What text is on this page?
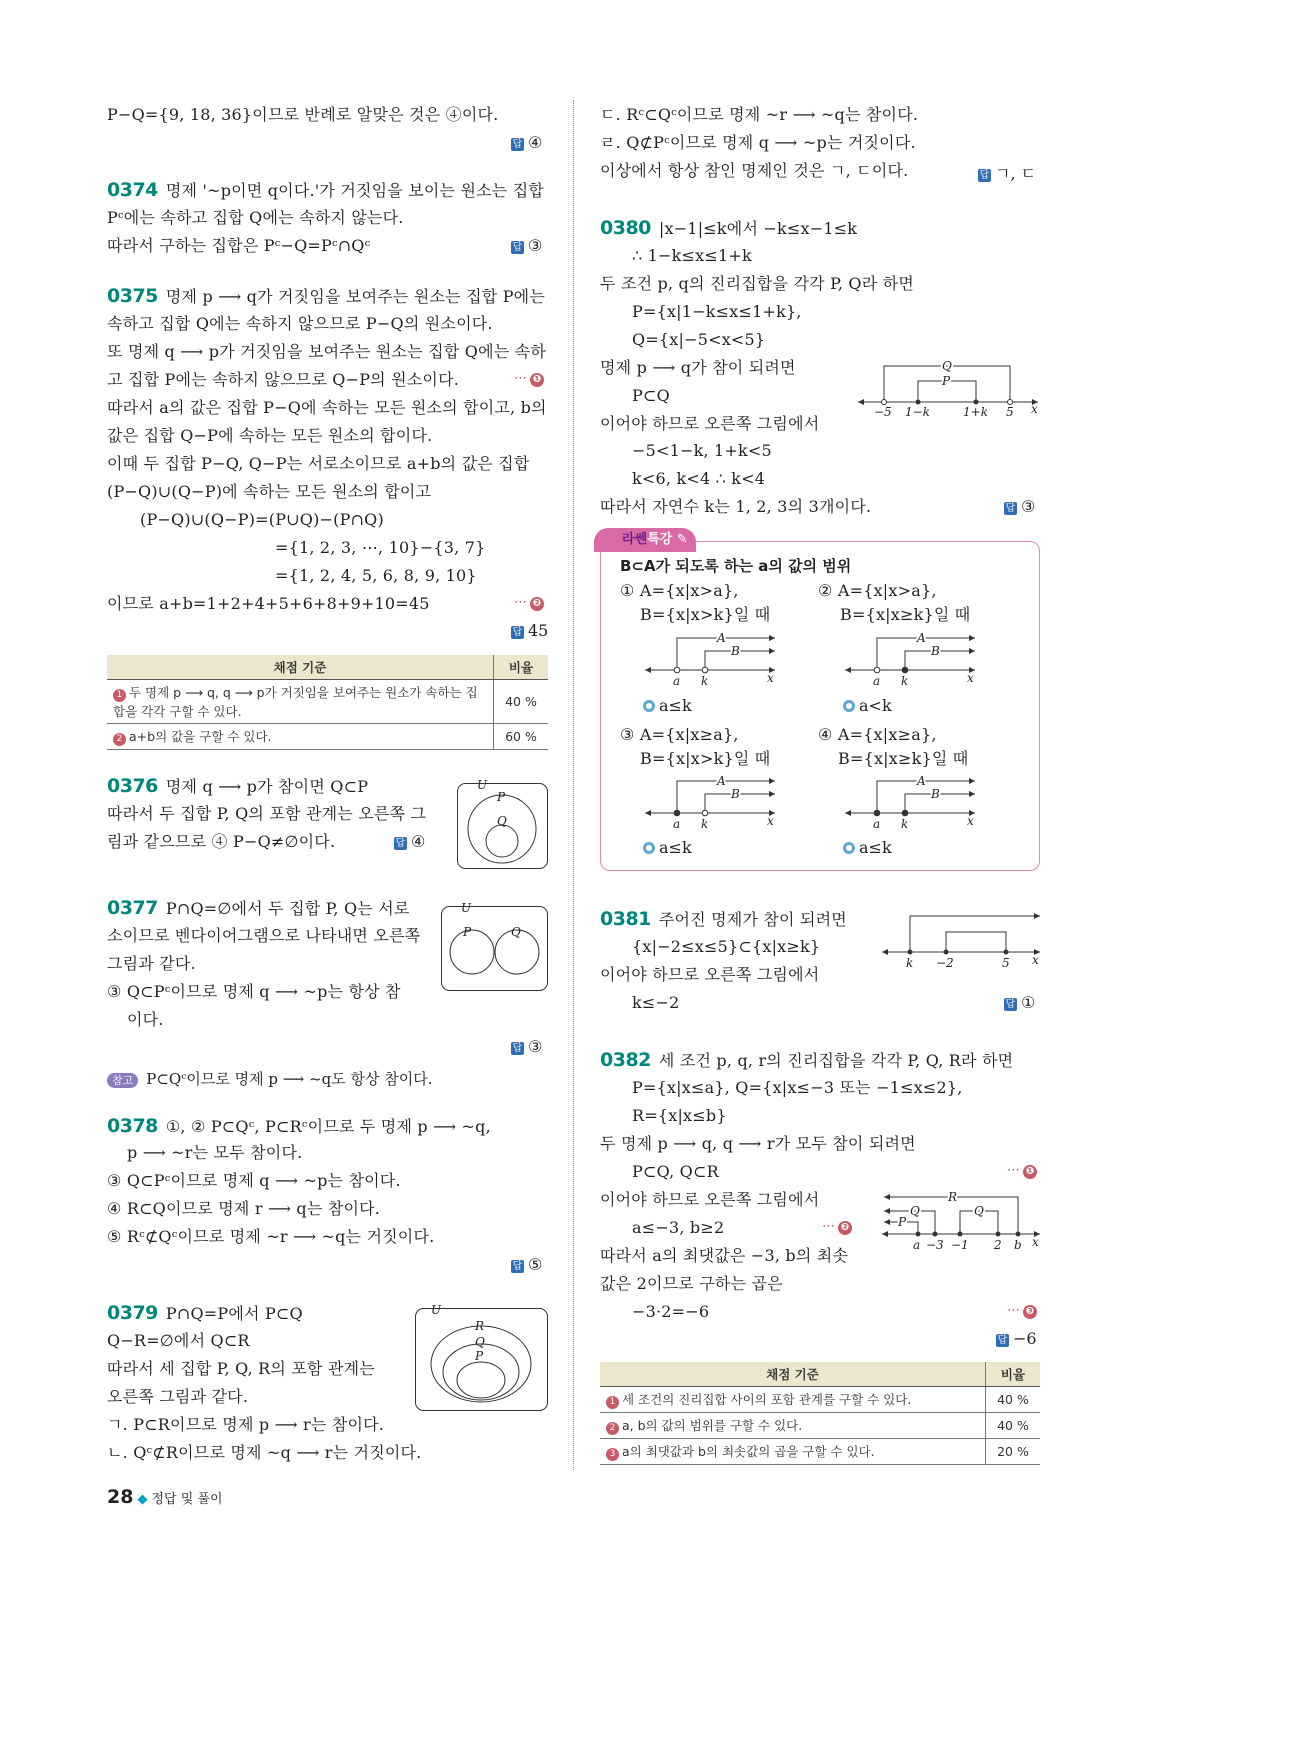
P−Q={9, 18, 36}이므로 반례로 알맞은 것은 ④이다.
답 ④
0374 명제 '~p이면 q이다.'가 거짓임을 보이는 원소는 집합
Pᶜ에는 속하고 집합 Q에는 속하지 않는다.
따라서 구하는 집합은 Pᶜ−Q=Pᶜ∩Qᶜ	답 ③
0375 명제 p ⟶ q가 거짓임을 보여주는 원소는 집합 P에는
속하고 집합 Q에는 속하지 않으므로 P−Q의 원소이다.
또 명제 q ⟶ p가 거짓임을 보여주는 원소는 집합 Q에는 속하
고 집합 P에는 속하지 않으므로 Q−P의 원소이다.	⋯ ❶
따라서 a의 값은 집합 P−Q에 속하는 모든 원소의 합이고, b의
값은 집합 Q−P에 속하는 모든 원소의 합이다.
이때 두 집합 P−Q, Q−P는 서로소이므로 a+b의 값은 집합
(P−Q)∪(Q−P)에 속하는 모든 원소의 합이고
(P−Q)∪(Q−P)=(P∪Q)−(P∩Q)
={1, 2, 3, ⋯, 10}−{3, 7}
={1, 2, 4, 5, 6, 8, 9, 10}
이므로 a+b=1+2+4+5+6+8+9+10=45	⋯ ❷
답 45
채점 기준	비율
1 두 명제 p ⟶ q, q ⟶ p가 거짓임을 보여주는 원소가 속하는 집합을 각각 구할 수 있다.	40 %
2 a+b의 값을 구할 수 있다.	60 %
0376 명제 q ⟶ p가 참이면 Q⊂P
따라서 두 집합 P, Q의 포함 관계는 오른쪽 그
림과 같으므로 ④ P−Q≠∅이다.	답 ④
U
P
Q
0377 P∩Q=∅에서 두 집합 P, Q는 서로
소이므로 벤다이어그램으로 나타내면 오른쪽
그림과 같다.
③ Q⊂Pᶜ이므로 명제 q ⟶ ~p는 항상 참
이다.
답 ③
U
P	Q
참고 P⊂Qᶜ이므로 명제 p ⟶ ~q도 항상 참이다.
0378 ①, ② P⊂Qᶜ, P⊂Rᶜ이므로 두 명제 p ⟶ ~q,
p ⟶ ~r는 모두 참이다.
③ Q⊂Pᶜ이므로 명제 q ⟶ ~p는 참이다.
④ R⊂Q이므로 명제 r ⟶ q는 참이다.
⑤ Rᶜ⊄Qᶜ이므로 명제 ~r ⟶ ~q는 거짓이다.
답 ⑤
0379 P∩Q=P에서 P⊂Q
Q−R=∅에서 Q⊂R
따라서 세 집합 P, Q, R의 포함 관계는
오른쪽 그림과 같다.
ㄱ. P⊂R이므로 명제 p ⟶ r는 참이다.
ㄴ. Qᶜ⊄R이므로 명제 ~q ⟶ r는 거짓이다.
U
R
Q
P
28 ◆ 정답 및 풀이
ㄷ. Rᶜ⊂Qᶜ이므로 명제 ~r ⟶ ~q는 참이다.
ㄹ. Q⊄Pᶜ이므로 명제 q ⟶ ~p는 거짓이다.
이상에서 항상 참인 명제인 것은 ㄱ, ㄷ이다.	답 ㄱ, ㄷ
0380 |x−1|≤k에서 −k≤x−1≤k
∴ 1−k≤x≤1+k
두 조건 p, q의 진리집합을 각각 P, Q라 하면
P={x|1−k≤x≤1+k},
Q={x|−5<x<5}
명제 p ⟶ q가 참이 되려면
P⊂Q
이어야 하므로 오른쪽 그림에서
−5<1−k, 1+k<5
k<6, k<4 ∴ k<4
따라서 자연수 k는 1, 2, 3의 3개이다.	답 ③
Q
P
−5 1−k	1+k 5 x
라쎈특강 ✎
B⊂A가 되도록 하는 a의 값의 범위
① A={x|x>a},
B={x|x>k}일 때
a≤k
② A={x|x>a},
B={x|x≥k}일 때
a<k
③ A={x|x≥a},
B={x|x>k}일 때
a≤k
④ A={x|x≥a},
B={x|x≥k}일 때
a≤k
A
B
a k	x
A
B
a k	x
A
B
a k	x
A
B
a k	x
0381 주어진 명제가 참이 되려면
{x|−2≤x≤5}⊂{x|x≥k}
이어야 하므로 오른쪽 그림에서
k≤−2	답 ①
k −2	5 x
0382 세 조건 p, q, r의 진리집합을 각각 P, Q, R라 하면
P={x|x≤a}, Q={x|x≤−3 또는 −1≤x≤2},
R={x|x≤b}
두 명제 p ⟶ q, q ⟶ r가 모두 참이 되려면
P⊂Q, Q⊂R	⋯ ❶
이어야 하므로 오른쪽 그림에서
a≤−3, b≥2	⋯ ❷
따라서 a의 최댓값은 −3, b의 최솟
값은 2이므로 구하는 곱은
−3·2=−6	⋯ ❸
답 −6
R
Q	Q
P
a −3 −1 2 b x
채점 기준	비율
1 세 조건의 진리집합 사이의 포함 관계를 구할 수 있다.	40 %
2 a, b의 값의 범위를 구할 수 있다.	40 %
3 a의 최댓값과 b의 최솟값의 곱을 구할 수 있다.	20 %
